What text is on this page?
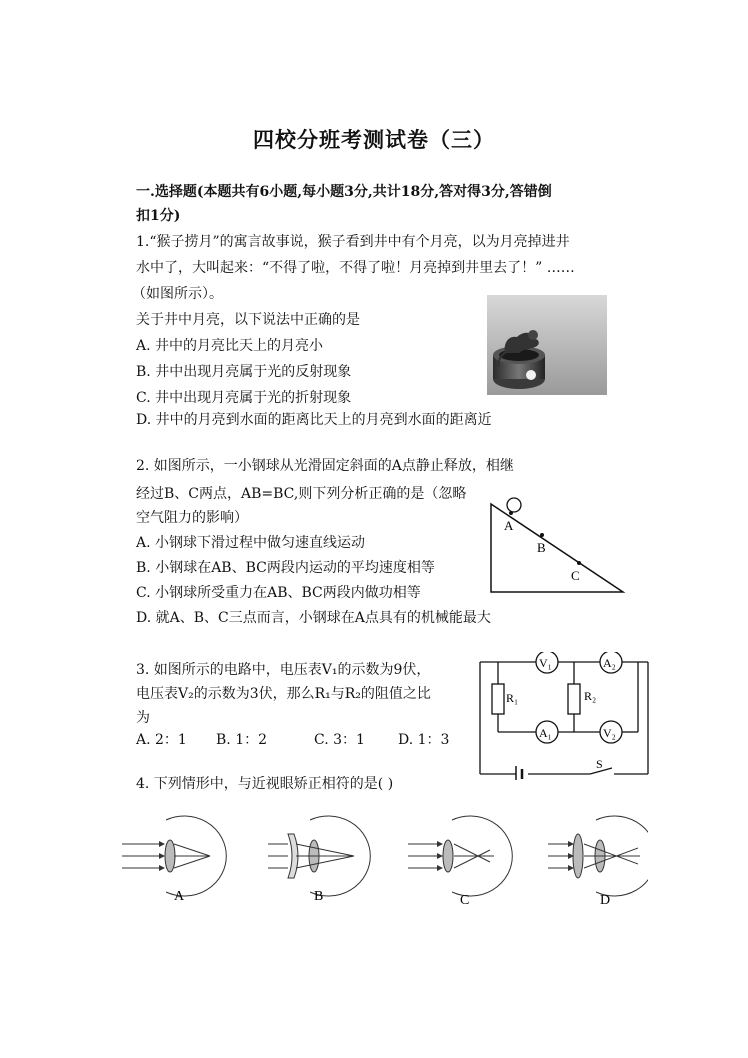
四校分班考测试卷（三）
一.选择题(本题共有6小题,每小题3分,共计18分,答对得3分,答错倒
扣1分)
1.“猴子捞月”的寓言故事说，猴子看到井中有个月亮，以为月亮掉进井
水中了，大叫起来：“不得了啦，不得了啦！月亮掉到井里去了！” ……
（如图所示）。
关于井中月亮，以下说法中正确的是
A. 井中的月亮比天上的月亮小
B. 井中出现月亮属于光的反射现象
C. 井中出现月亮属于光的折射现象
D. 井中的月亮到水面的距离比天上的月亮到水面的距离近
2. 如图所示，一小钢球从光滑固定斜面的A点静止释放，相继
经过B、C两点，AB=BC,则下列分析正确的是（忽略
空气阻力的影响）
A. 小钢球下滑过程中做匀速直线运动
B. 小钢球在AB、BC两段内运动的平均速度相等
C. 小钢球所受重力在AB、BC两段内做功相等
D. 就A、B、C三点而言，小钢球在A点具有的机械能最大
A
B
C
3. 如图所示的电路中，电压表V₁的示数为9伏，
电压表V₂的示数为3伏，那么R₁与R₂的阻值之比
为
A. 2：1 B. 1：2	C. 3：1 D. 1：3
V₁	A₂
R₁	R₂
A₁	V₂
S
4. 下列情形中，与近视眼矫正相符的是( )
A	B	C	D
